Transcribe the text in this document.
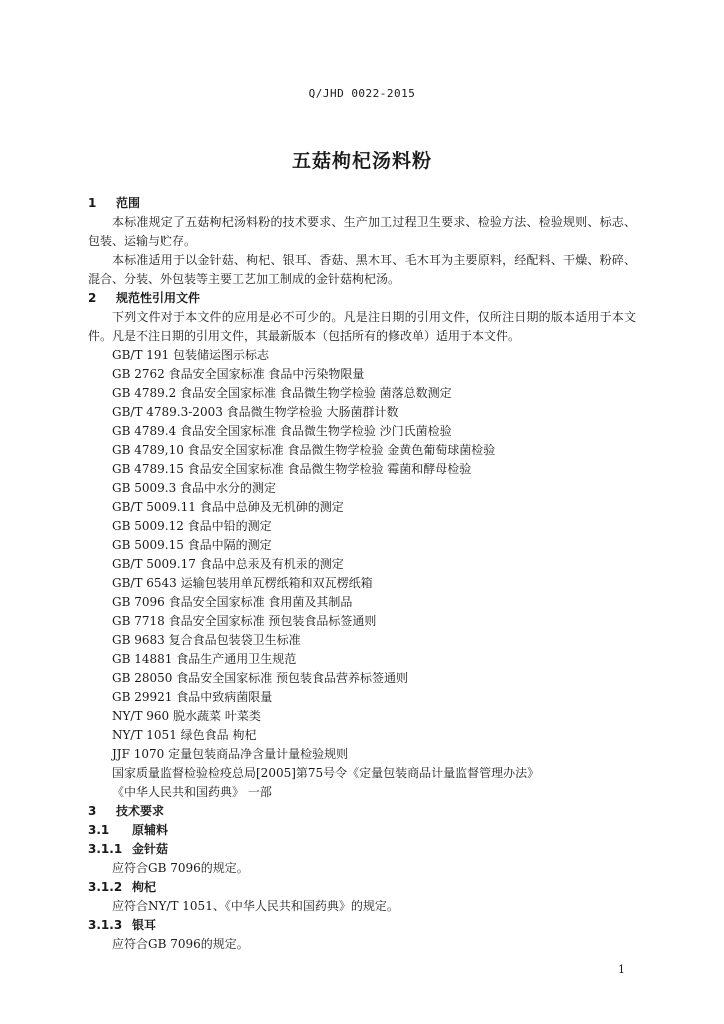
Q/JHD 0022-2015
五菇枸杞汤料粉
1 范围
本标准规定了五菇枸杞汤料粉的技术要求、生产加工过程卫生要求、检验方法、检验规则、标志、包装、运输与贮存。
本标准适用于以金针菇、枸杞、银耳、香菇、黑木耳、毛木耳为主要原料，经配料、干燥、粉碎、混合、分装、外包装等主要工艺加工制成的金针菇枸杞汤。
2 规范性引用文件
下列文件对于本文件的应用是必不可少的。凡是注日期的引用文件，仅所注日期的版本适用于本文件。凡是不注日期的引用文件，其最新版本（包括所有的修改单）适用于本文件。
GB/T 191 包装储运图示标志
GB 2762 食品安全国家标准 食品中污染物限量
GB 4789.2 食品安全国家标准 食品微生物学检验 菌落总数测定
GB/T 4789.3-2003 食品微生物学检验 大肠菌群计数
GB 4789.4 食品安全国家标准 食品微生物学检验 沙门氏菌检验
GB 4789,10 食品安全国家标准 食品微生物学检验 金黄色葡萄球菌检验
GB 4789.15 食品安全国家标准 食品微生物学检验 霉菌和酵母检验
GB 5009.3 食品中水分的测定
GB/T 5009.11 食品中总砷及无机砷的测定
GB 5009.12 食品中铅的测定
GB 5009.15 食品中隔的测定
GB/T 5009.17 食品中总汞及有机汞的测定
GB/T 6543 运输包装用单瓦楞纸箱和双瓦楞纸箱
GB 7096 食品安全国家标准 食用菌及其制品
GB 7718 食品安全国家标准 预包装食品标签通则
GB 9683 复合食品包装袋卫生标准
GB 14881 食品生产通用卫生规范
GB 28050 食品安全国家标准 预包装食品营养标签通则
GB 29921 食品中致病菌限量
NY/T 960 脱水蔬菜 叶菜类
NY/T 1051 绿色食品 枸杞
JJF 1070 定量包装商品净含量计量检验规则
国家质量监督检验检疫总局[2005]第75号令《定量包装商品计量监督管理办法》
《中华人民共和国药典》 一部
3 技术要求
3.1 原辅料
3.1.1 金针菇
应符合GB 7096的规定。
3.1.2 枸杞
应符合NY/T 1051、《中华人民共和国药典》的规定。
3.1.3 银耳
应符合GB 7096的规定。
1
